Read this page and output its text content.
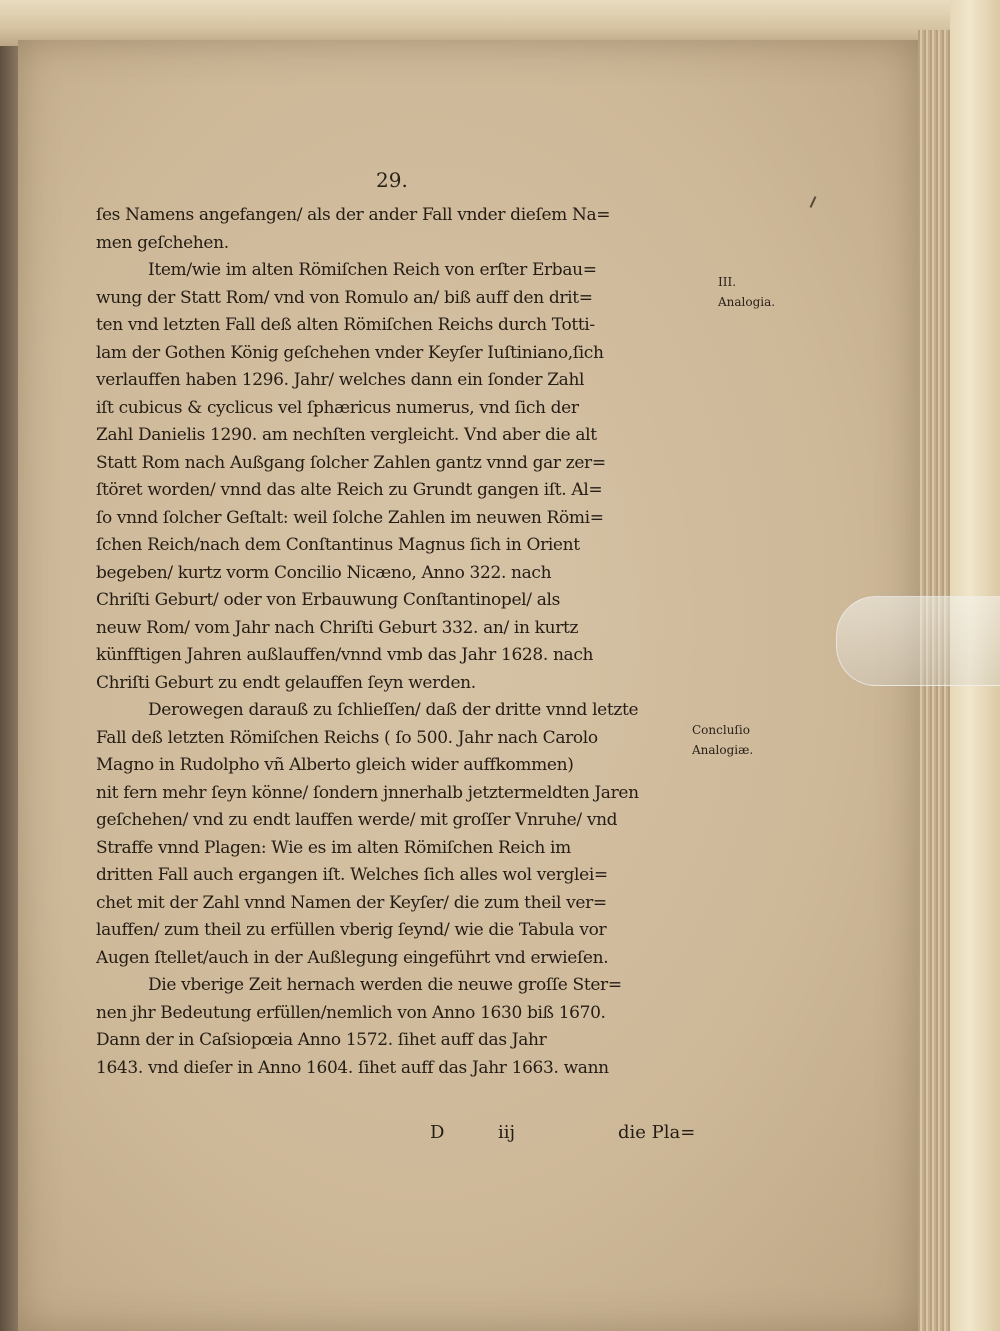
29.
ſes Namens angefangen/ als der ander Fall vnder dieſem Na=
men geſchehen.
Item/wie im alten Römiſchen Reich von erſter Erbau=
wung der Statt Rom/ vnd von Romulo an/ biß auff den drit=
ten vnd letzten Fall deß alten Römiſchen Reichs durch Totti-
lam der Gothen König geſchehen vnder Keyſer Iuſtiniano,ſich
verlauffen haben 1296. Jahr/ welches dann ein ſonder Zahl
iſt cubicus & cyclicus vel ſphæricus numerus, vnd ſich der
Zahl Danielis 1290. am nechſten vergleicht. Vnd aber die alt
Statt Rom nach Außgang ſolcher Zahlen gantz vnnd gar zer=
ſtöret worden/ vnnd das alte Reich zu Grundt gangen iſt. Al=
ſo vnnd ſolcher Geſtalt: weil ſolche Zahlen im neuwen Römi=
ſchen Reich/nach dem Conſtantinus Magnus ſich in Orient
begeben/ kurtz vorm Concilio Nicæno, Anno 322. nach
Chriſti Geburt/ oder von Erbauwung Conſtantinopel/ als
neuw Rom/ vom Jahr nach Chriſti Geburt 332. an/ in kurtz
künfftigen Jahren außlauffen/vnnd vmb das Jahr 1628. nach
Chriſti Geburt zu endt gelauffen ſeyn werden.
Derowegen darauß zu ſchlieſſen/ daß der dritte vnnd letzte
Fall deß letzten Römiſchen Reichs ( ſo 500. Jahr nach Carolo
Magno in Rudolpho vñ Alberto gleich wider auffkommen)
nit fern mehr ſeyn könne/ ſondern jnnerhalb jetztermeldten Jaren
geſchehen/ vnd zu endt lauffen werde/ mit groſſer Vnruhe/ vnd
Straffe vnnd Plagen: Wie es im alten Römiſchen Reich im
dritten Fall auch ergangen iſt. Welches ſich alles wol verglei=
chet mit der Zahl vnnd Namen der Keyſer/ die zum theil ver=
lauffen/ zum theil zu erfüllen vberig ſeynd/ wie die Tabula vor
Augen ſtellet/auch in der Außlegung eingeführt vnd erwieſen.
Die vberige Zeit hernach werden die neuwe groſſe Ster=
nen jhr Bedeutung erfüllen/nemlich von Anno 1630 biß 1670.
Dann der in Caſsiopœia Anno 1572. ſihet auff das Jahr
1643. vnd dieſer in Anno 1604. ſihet auff das Jahr 1663. wann
III.
Analogia.
Concluſio
Analogiæ.
D	iij	die Pla=
